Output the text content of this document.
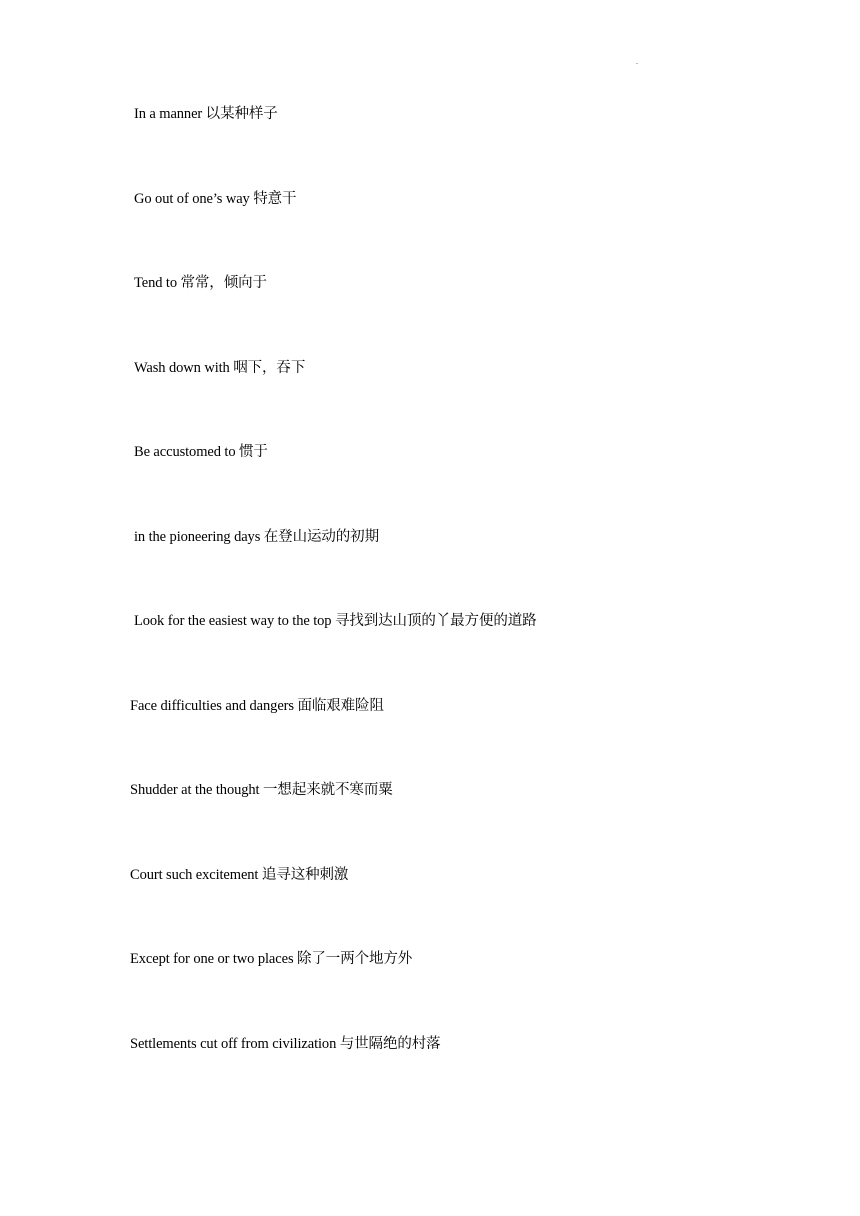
.
In a manner 以某种样子
Go out of one’s way 特意干
Tend to 常常，倾向于
Wash down with 咽下，吞下
Be accustomed to 惯于
in the pioneering days 在登山运动的初期
Look for the easiest way to the top 寻找到达山顶的丫最方便的道路
Face difficulties and dangers 面临艰难险阻
Shudder at the thought 一想起来就不寒而粟
Court such excitement 追寻这种刺激
Except for one or two places 除了一两个地方外
Settlements cut off from civilization 与世隔绝的村落
